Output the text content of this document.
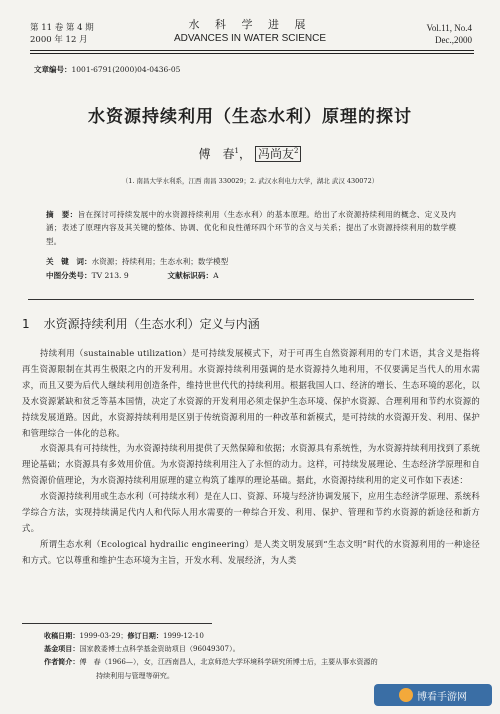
第 11 卷 第 4 期
2000 年 12 月
水 科 学 进 展
ADVANCES IN WATER SCIENCE
Vol.11, No.4
Dec.,2000
文章编号：1001-6791(2000)04-0436-05
水资源持续利用（生态水利）原理的探讨
傅　春$^1$， 冯尚友$^2$
（1. 南昌大学水利系，江西 南昌 330029；2. 武汉水利电力大学，湖北 武汉 430072）
摘　要：旨在探讨可持续发展中的水资源持续利用（生态水利）的基本原理。给出了水资源持续利用的概念、定义及内涵；表述了原理内容及其关键的整体、协调、优化和良性循环四个环节的含义与关系；提出了水资源持续利用的数学模型。
关　键　词：水资源；持续利用；生态水利；数学模型
中图分类号：TV 213. 9	文献标识码：A
1 水资源持续利用（生态水利）定义与内涵

持续利用（sustainable utilization）是可持续发展模式下，对于可再生自然资源利用的专门术语，其含义是指将再生资源限制在其再生极限之内的开发利用。水资源持续利用强调的是水资源持久地利用，不仅要满足当代人的用水需求，而且又要为后代人继续利用创造条件，维持世世代代的持续利用。根据我国人口、经济的增长、生态环境的恶化，以及水资源紧缺和贫乏等基本国情，决定了水资源的开发利用必须走保护生态环境、保护水资源、合理利用和节约水资源的持续发展道路。因此，水资源持续利用是区别于传统资源利用的一种改革和新模式，是可持续的水资源开发、利用、保护和管理综合一体化的总称。

水资源具有可持续性，为水资源持续利用提供了天然保障和依据；水资源具有系统性，为水资源持续利用找到了系统理论基础；水资源具有多效用价值。为水资源持续利用注入了永恒的动力。这样，可持续发展理论、生态经济学原理和自然资源价值理论，为水资源持续利用原理的建立构筑了雄厚的理论基础。据此，水资源持续利用的定义可作如下表述：

水资源持续利用或生态水利（可持续水利）是在人口、资源、环境与经济协调发展下，应用生态经济学原理、系统科学综合方法，实现持续满足代内人和代际人用水需要的一种综合开发、利用、保护、管理和节约水资源的新途径和新方式。

所谓生态水利（Ecological hydrailic engineering）是人类文明发展到“生态文明”时代的水资源利用的一种途径和方式。它以尊重和维护生态环境为主旨，开发水利、发展经济，为人类

收稿日期：1999-03-29；修订日期：1999-12-10
基金项目：国家教委博士点科学基金资助项目（96049307）。
作者简介：傅　春（1966—），女，江西南昌人，北京师范大学环境科学研究所博士后，主要从事水资源的
持续利用与管理等研究。
博看手游网
